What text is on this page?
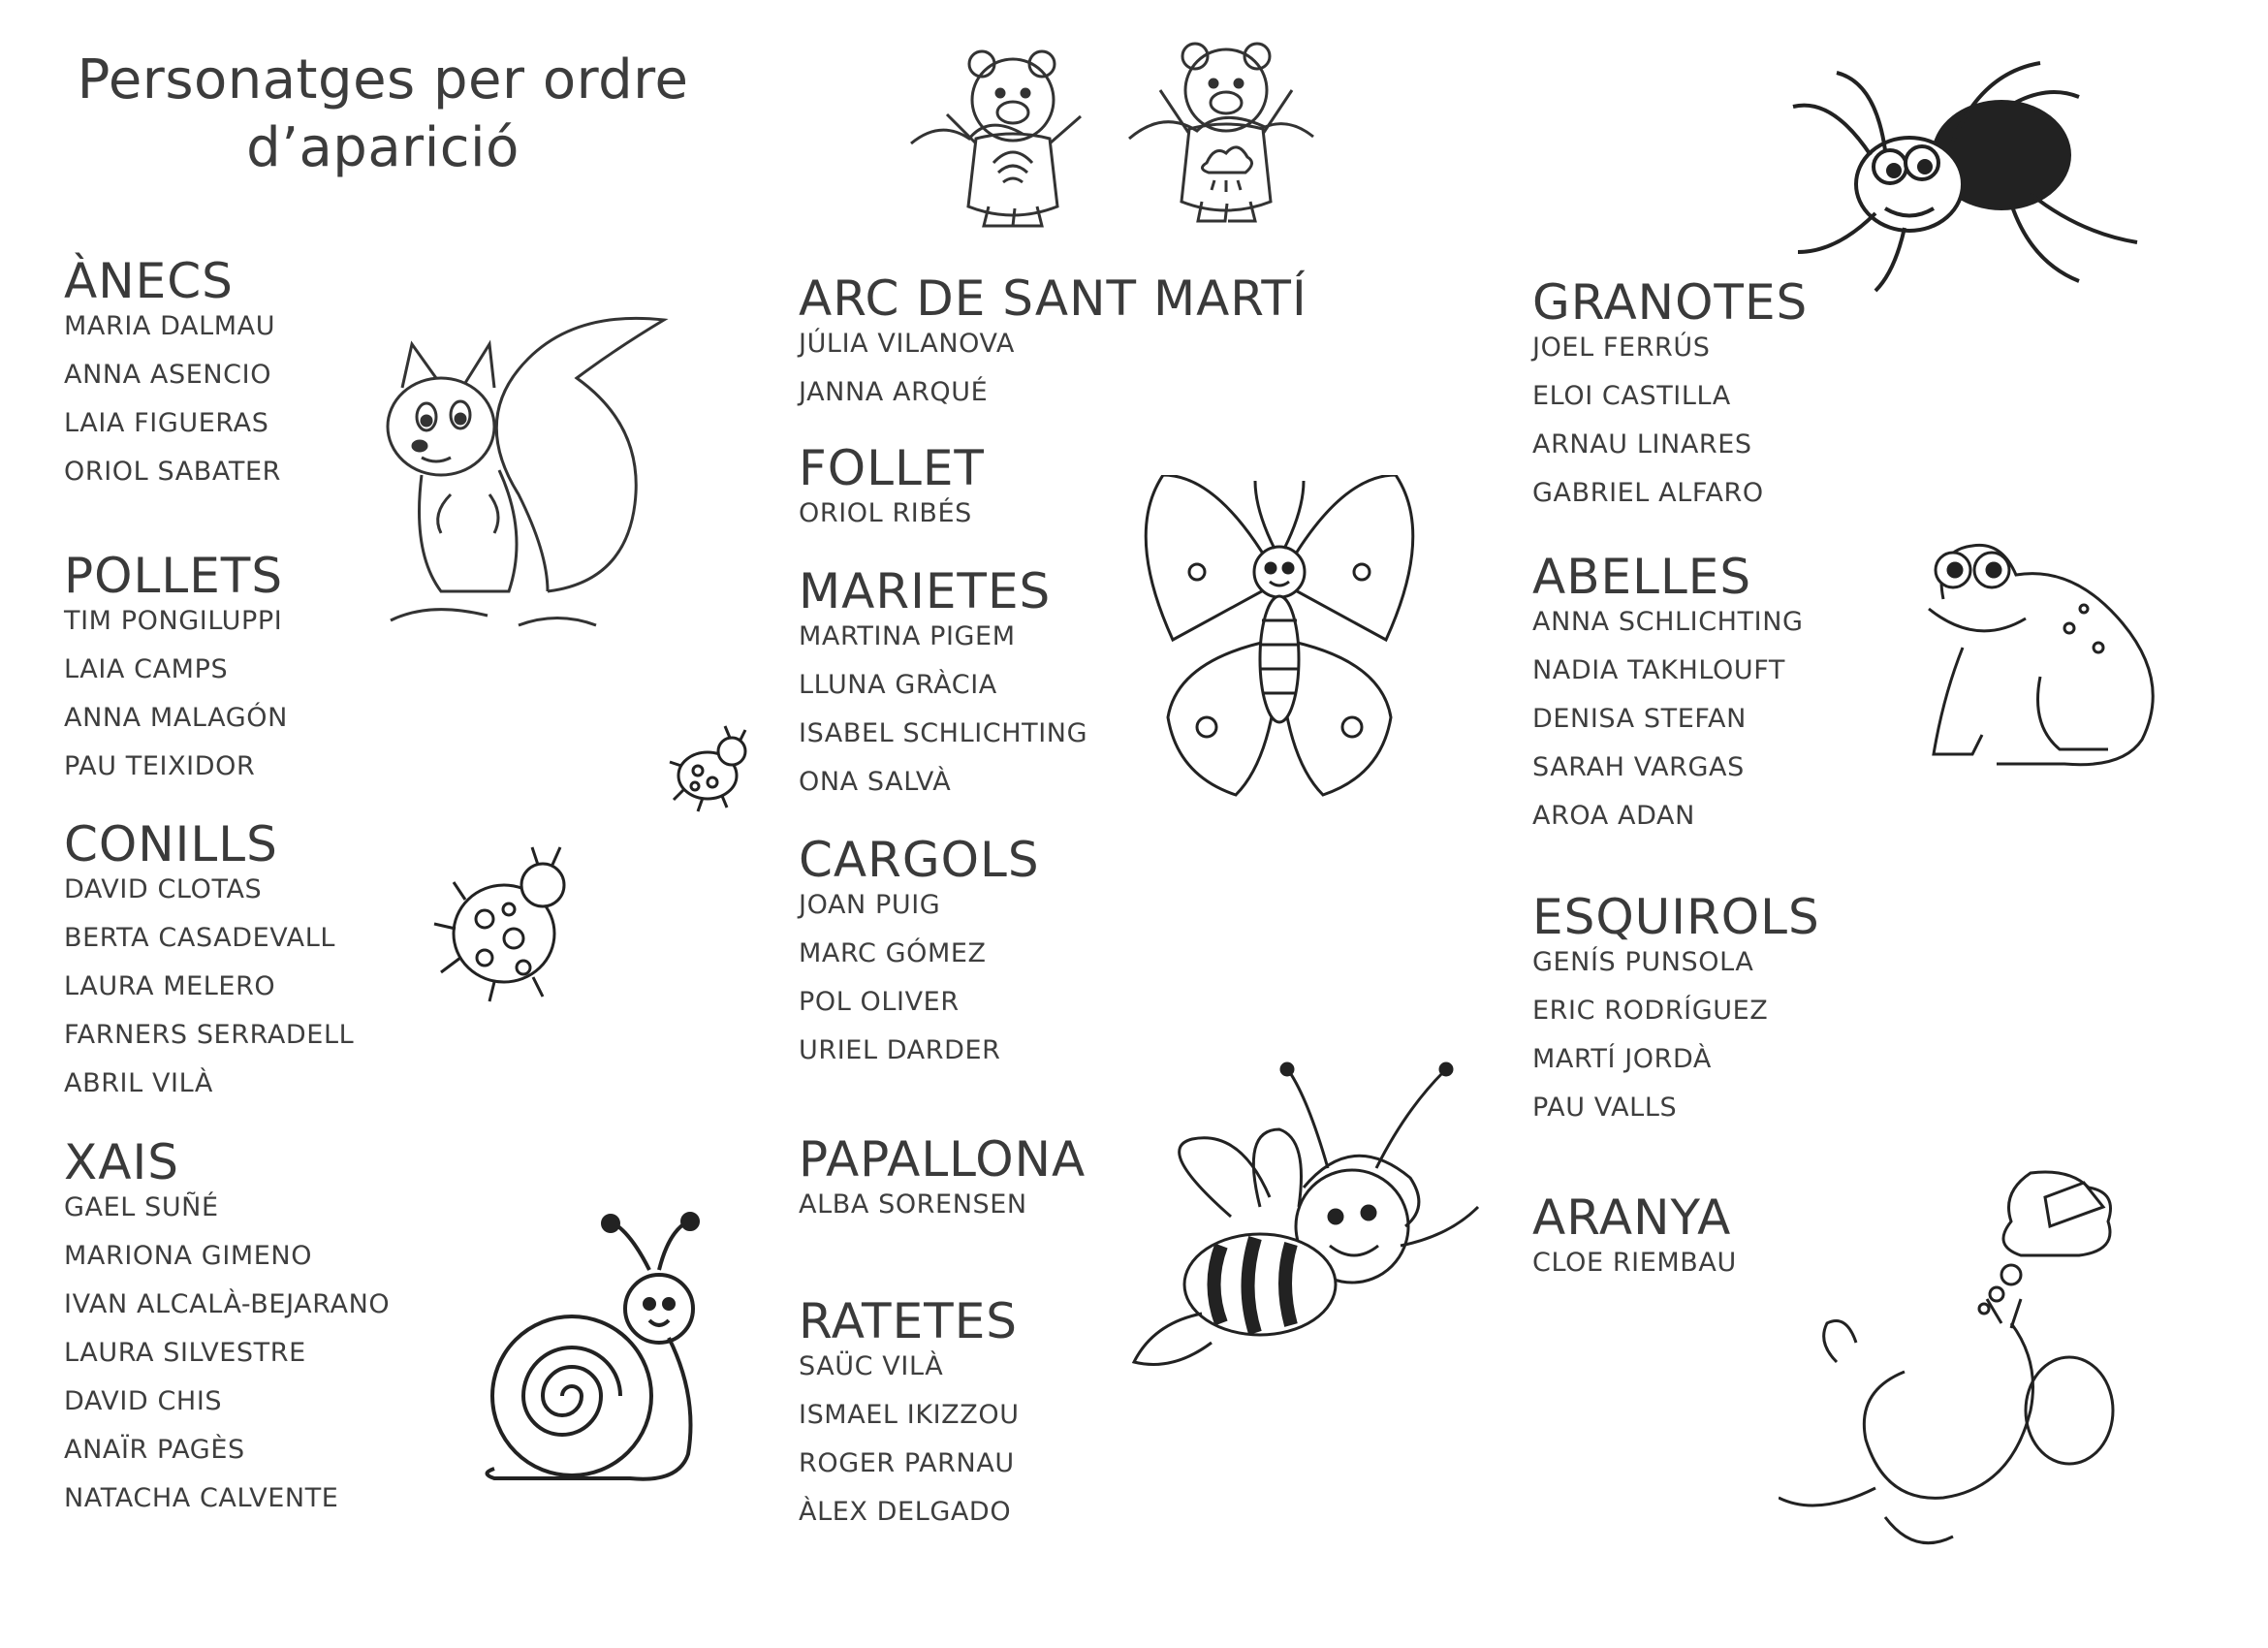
Personatges per ordre
d’aparició
ÀNECS
MARIA DALMAU
ANNA ASENCIO
LAIA FIGUERAS
ORIOL SABATER
POLLETS
TIM PONGILUPPI
LAIA CAMPS
ANNA MALAGÓN
PAU TEIXIDOR
CONILLS
DAVID CLOTAS
BERTA CASADEVALL
LAURA MELERO
FARNERS SERRADELL
ABRIL VILÀ
XAIS
GAEL SUÑÉ
MARIONA GIMENO
IVAN ALCALÀ-BEJARANO
LAURA SILVESTRE
DAVID CHIS
ANAÏR PAGÈS
NATACHA CALVENTE
ARC DE SANT MARTÍ
JÚLIA VILANOVA
JANNA ARQUÉ
FOLLET
ORIOL RIBÉS
MARIETES
MARTINA PIGEM
LLUNA GRÀCIA
ISABEL SCHLICHTING
ONA SALVÀ
CARGOLS
JOAN PUIG
MARC GÓMEZ
POL OLIVER
URIEL DARDER
PAPALLONA
ALBA SORENSEN
RATETES
SAÜC VILÀ
ISMAEL IKIZZOU
ROGER PARNAU
ÀLEX DELGADO
GRANOTES
JOEL FERRÚS
ELOI CASTILLA
ARNAU LINARES
GABRIEL ALFARO
ABELLES
ANNA SCHLICHTING
NADIA TAKHLOUFT
DENISA STEFAN
SARAH VARGAS
AROA ADAN
ESQUIROLS
GENÍS PUNSOLA
ERIC RODRÍGUEZ
MARTÍ JORDÀ
PAU VALLS
ARANYA
CLOE RIEMBAU
